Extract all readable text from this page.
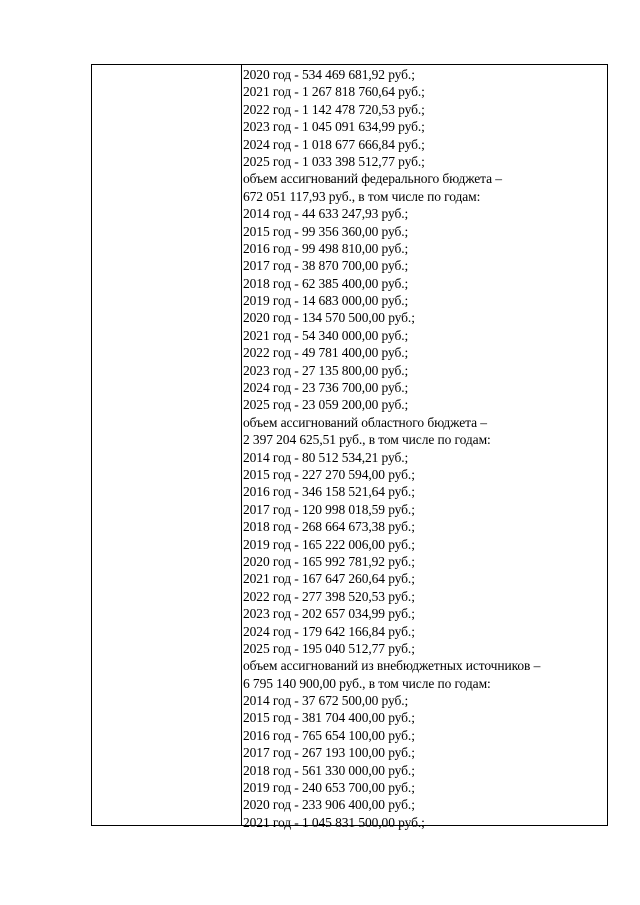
2020 год - 534 469 681,92 руб.;
2021 год - 1 267 818 760,64 руб.;
2022 год - 1 142 478 720,53 руб.;
2023 год - 1 045 091 634,99 руб.;
2024 год - 1 018 677 666,84 руб.;
2025 год - 1 033 398 512,77 руб.;
объем ассигнований федерального бюджета –
672 051 117,93 руб., в том числе по годам:
2014 год - 44 633 247,93 руб.;
2015 год - 99 356 360,00 руб.;
2016 год - 99 498 810,00 руб.;
2017 год - 38 870 700,00 руб.;
2018 год - 62 385 400,00 руб.;
2019 год - 14 683 000,00 руб.;
2020 год - 134 570 500,00 руб.;
2021 год - 54 340 000,00 руб.;
2022 год - 49 781 400,00 руб.;
2023 год - 27 135 800,00 руб.;
2024 год - 23 736 700,00 руб.;
2025 год - 23 059 200,00 руб.;
объем ассигнований областного бюджета –
2 397 204 625,51 руб., в том числе по годам:
2014 год - 80 512 534,21 руб.;
2015 год - 227 270 594,00 руб.;
2016 год - 346 158 521,64 руб.;
2017 год - 120 998 018,59 руб.;
2018 год - 268 664 673,38 руб.;
2019 год - 165 222 006,00 руб.;
2020 год - 165 992 781,92 руб.;
2021 год - 167 647 260,64 руб.;
2022 год - 277 398 520,53 руб.;
2023 год - 202 657 034,99 руб.;
2024 год - 179 642 166,84 руб.;
2025 год - 195 040 512,77 руб.;
объем ассигнований из внебюджетных источников –
6 795 140 900,00 руб., в том числе по годам:
2014 год - 37 672 500,00 руб.;
2015 год - 381 704 400,00 руб.;
2016 год - 765 654 100,00 руб.;
2017 год - 267 193 100,00 руб.;
2018 год - 561 330 000,00 руб.;
2019 год - 240 653 700,00 руб.;
2020 год - 233 906 400,00 руб.;
2021 год - 1 045 831 500,00 руб.;
